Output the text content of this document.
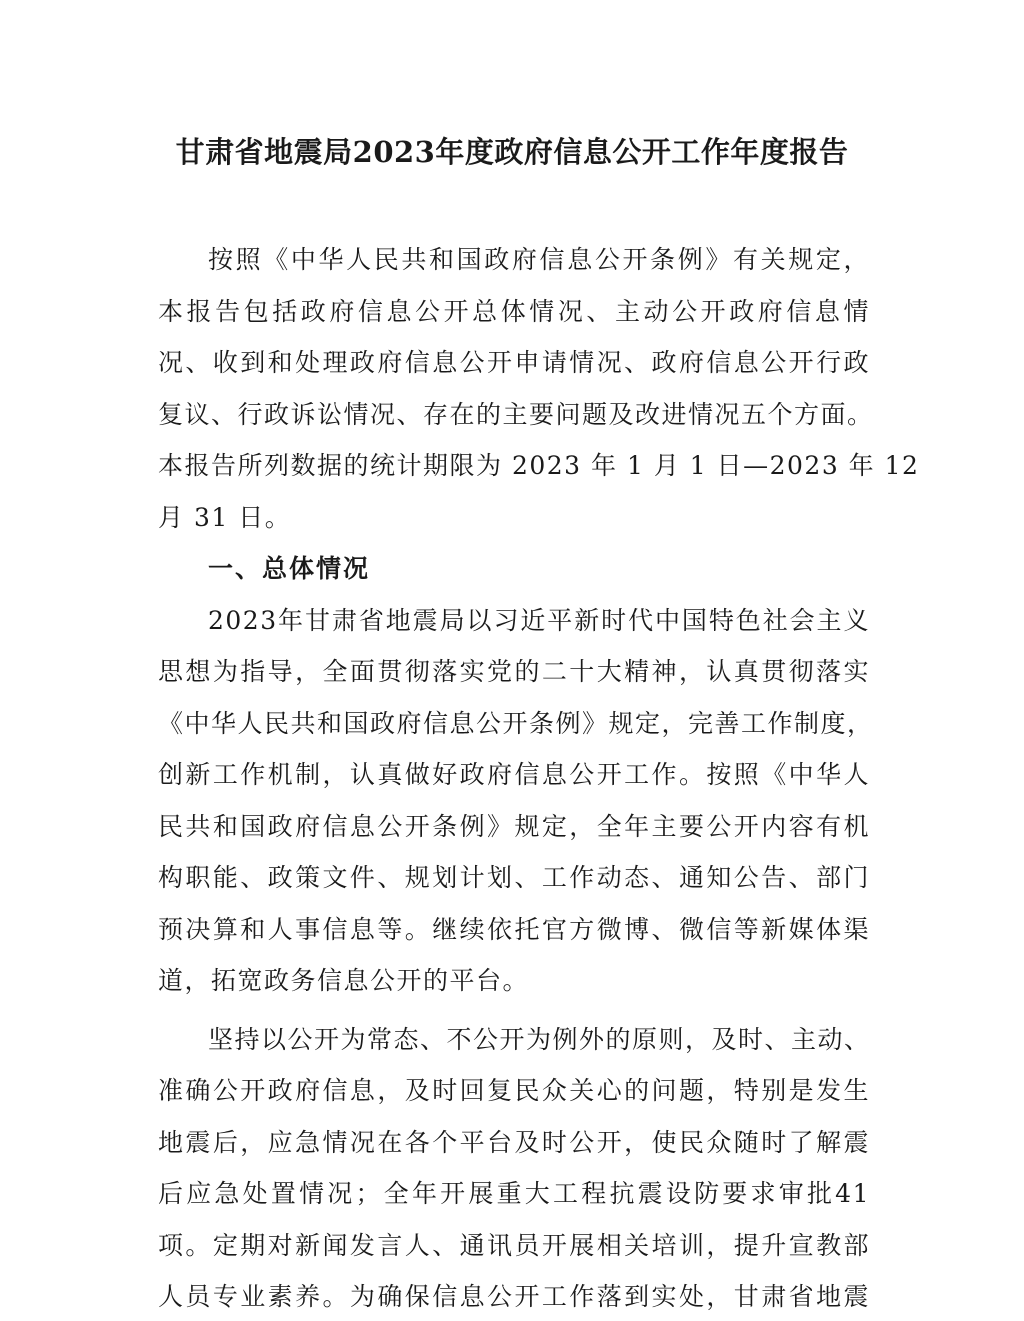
甘肃省地震局2023年度政府信息公开工作年度报告
按照《中华人民共和国政府信息公开条例》有关规定，
本报告包括政府信息公开总体情况、主动公开政府信息情
况、收到和处理政府信息公开申请情况、政府信息公开行政
复议、行政诉讼情况、存在的主要问题及改进情况五个方面。
本报告所列数据的统计期限为 2023 年 1 月 1 日—2023 年 12
月 31 日。
一、总体情况
2023年甘肃省地震局以习近平新时代中国特色社会主义
思想为指导，全面贯彻落实党的二十大精神，认真贯彻落实
《中华人民共和国政府信息公开条例》规定，完善工作制度，
创新工作机制，认真做好政府信息公开工作。按照《中华人
民共和国政府信息公开条例》规定，全年主要公开内容有机
构职能、政策文件、规划计划、工作动态、通知公告、部门
预决算和人事信息等。继续依托官方微博、微信等新媒体渠
道，拓宽政务信息公开的平台。
坚持以公开为常态、不公开为例外的原则，及时、主动、
准确公开政府信息，及时回复民众关心的问题，特别是发生
地震后，应急情况在各个平台及时公开，使民众随时了解震
后应急处置情况；全年开展重大工程抗震设防要求审批41
项。定期对新闻发言人、通讯员开展相关培训，提升宣教部
人员专业素养。为确保信息公开工作落到实处，甘肃省地震
